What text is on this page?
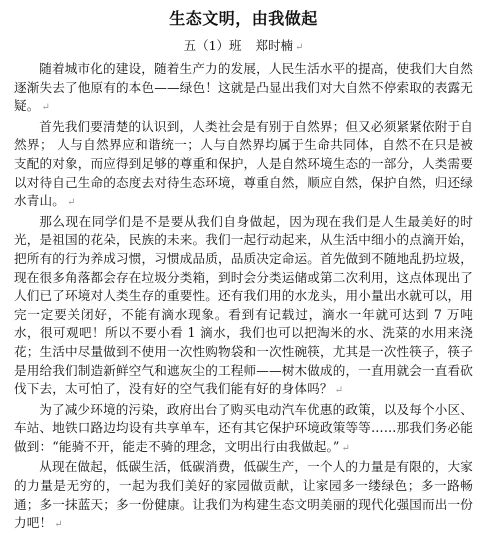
生态文明，由我做起
五（1）班 郑时楠 ↵

随着城市化的建设，随着生产力的发展，人民生活水平的提高，使我们大自然逐渐失去了他原有的本色——绿色！这就是凸显出我们对大自然不停索取的表露无疑。 ↵

首先我们要清楚的认识到，人类社会是有别于自然界；但又必须紧紧依附于自然界； 人与自然界应和谐统一；人与自然界均属于生命共同体，自然不在只是被支配的对象，而应得到足够的尊重和保护，人是自然环境生态的一部分，人类需要以对待自己生命的态度去对待生态环境，尊重自然，顺应自然，保护自然，归还绿水青山。 ↵

那么现在同学们是不是要从我们自身做起，因为现在我们是人生最美好的时光，是祖国的花朵，民族的未来。我们一起行动起来，从生活中细小的点滴开始，把所有的行为养成习惯，习惯成品质，品质决定命运。首先做到不随地乱扔垃圾，现在很多角落都会存在垃圾分类箱，到时会分类运储或第二次利用，这点体现出了人们已了环境对人类生存的重要性。还有我们用的水龙头，用小量出水就可以，用完一定要关闭好，不能有滴水现象。看到有记载过，滴水一年就可达到 7 万吨水，很可观吧！所以不要小看 1 滴水，我们也可以把淘米的水、洗菜的水用来浇花；生活中尽量做到不使用一次性购物袋和一次性碗筷，尤其是一次性筷子，筷子是用给我们制造新鲜空气和遮灰尘的工程师——树木做成的，一直用就会一直看砍伐下去，太可怕了，没有好的空气我们能有好的身体吗？ ↵

为了减少环境的污染，政府出台了购买电动汽车优惠的政策，以及每个小区、车站、地铁口路边均设有共享单车，还有其它保护环境政策等等……那我们务必能做到：“能骑不开，能走不骑的理念，文明出行由我做起。” ↵

从现在做起，低碳生活，低碳消费，低碳生产，一个人的力量是有限的，大家的力量是无穷的，一起为我们美好的家园做贡献，让家园多一缕绿色；多一路畅通；多一抹蓝天；多一份健康。让我们为构建生态文明美丽的现代化强国而出一份力吧！ ↵
